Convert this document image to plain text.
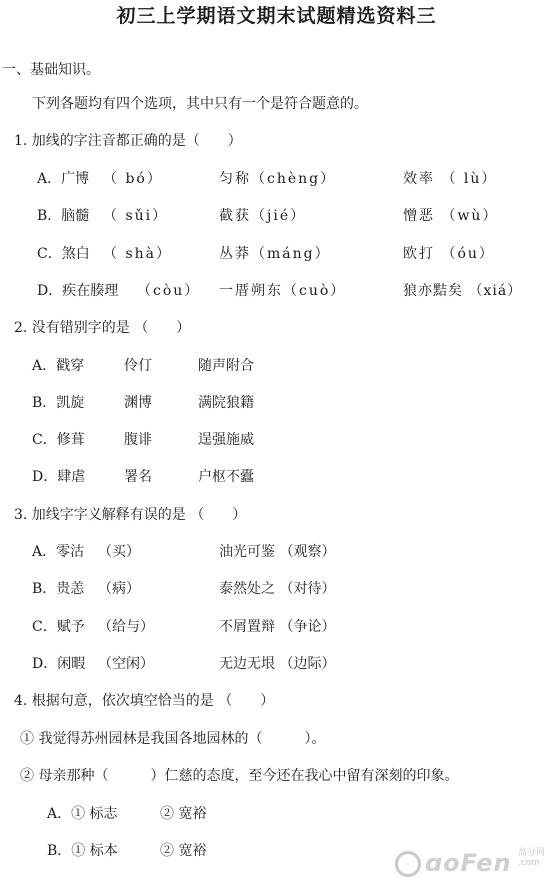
初三上学期语文期末试题精选资料三
一、基础知识。
下列各题均有四个选项，其中只有一个是符合题意的。
1. 加线的字注音都正确的是（　　）
A．广博 （ bó）	匀称（chèng）	效率 （ lù）
B．脑髓 （ sǔi）	截获（jié）	憎恶 （wù）
C．煞白 （ shà）	丛莽（máng）	欧打 （óu）
D．疾在腠理 （còu） 一厝朔东（cuò）	狼亦黠矣 （xiá）
2. 没有错别字的是 （　　）
A．戳穿	伶仃	随声附合
B．凯旋	渊博	满院狼籍
C．修葺	腹诽	逞强施威
D．肆虐	署名	户枢不蠹
3. 加线字字义解释有误的是 （　　）
A．零沽 （买）	油光可鉴 （观察）
B．贵恙 （病）	泰然处之 （对待）
C．赋予 （给与）	不屑置辩 （争论）
D．闲暇 （空闲）	无边无垠 （边际）
4. 根据句意，依次填空恰当的是 （　　）
① 我觉得苏州园林是我国各地园林的（　　　）。
② 母亲那种（　　　）仁慈的态度，至今还在我心中留有深刻的印象。
A．① 标志	② 宽裕
B．① 标本	② 宽裕	ɑoFen 高分网
.com
